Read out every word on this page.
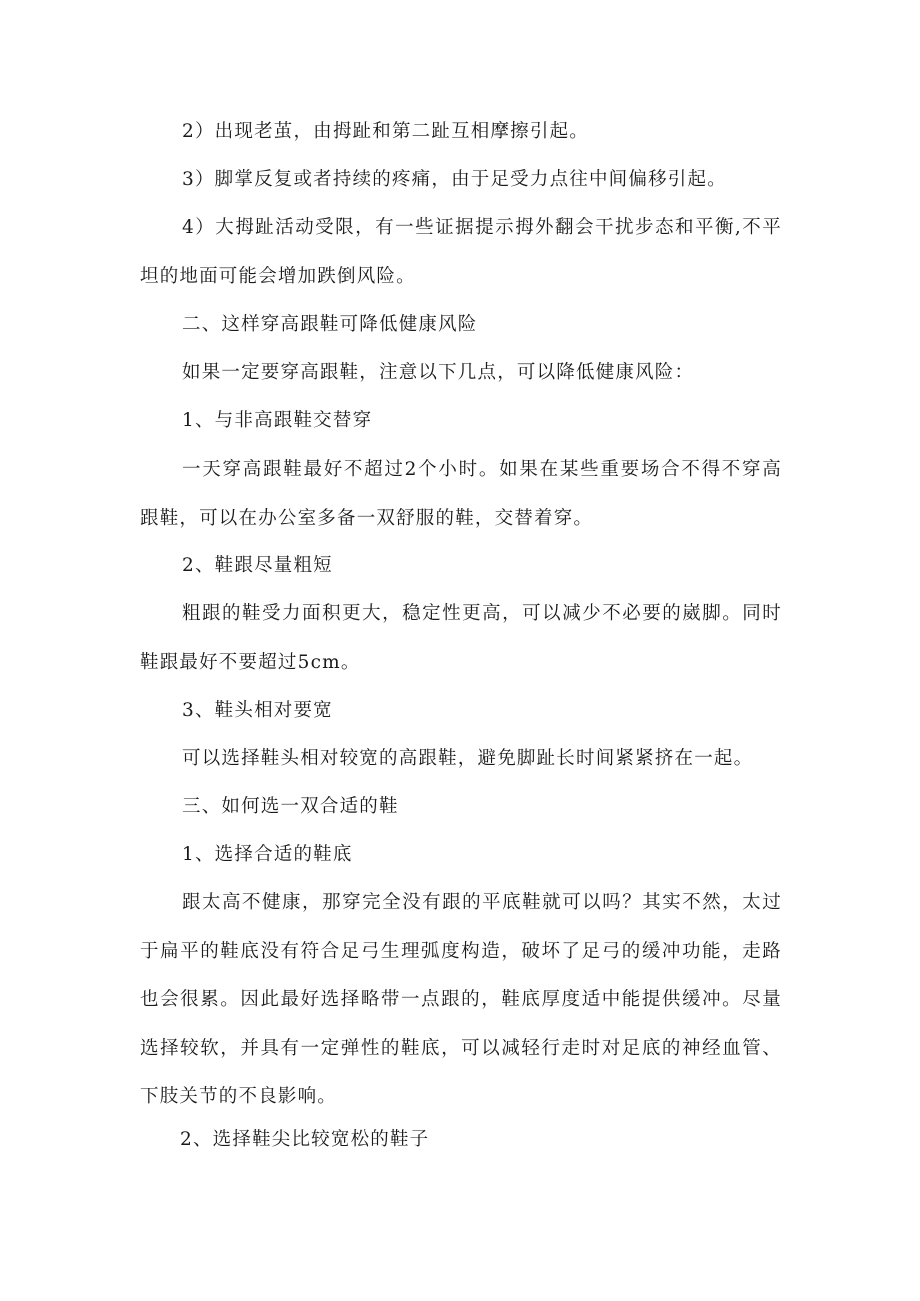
2）出现老茧，由拇趾和第二趾互相摩擦引起。

3）脚掌反复或者持续的疼痛，由于足受力点往中间偏移引起。

4）大拇趾活动受限，有一些证据提示拇外翻会干扰步态和平衡,不平坦的地面可能会增加跌倒风险。

二、这样穿高跟鞋可降低健康风险

如果一定要穿高跟鞋，注意以下几点，可以降低健康风险：

1、与非高跟鞋交替穿

一天穿高跟鞋最好不超过2个小时。如果在某些重要场合不得不穿高跟鞋，可以在办公室多备一双舒服的鞋，交替着穿。

2、鞋跟尽量粗短

粗跟的鞋受力面积更大，稳定性更高，可以减少不必要的崴脚。同时鞋跟最好不要超过5cm。

3、鞋头相对要宽

可以选择鞋头相对较宽的高跟鞋，避免脚趾长时间紧紧挤在一起。

三、如何选一双合适的鞋

1、选择合适的鞋底

跟太高不健康，那穿完全没有跟的平底鞋就可以吗？其实不然，太过于扁平的鞋底没有符合足弓生理弧度构造，破坏了足弓的缓冲功能，走路也会很累。因此最好选择略带一点跟的，鞋底厚度适中能提供缓冲。尽量选择较软，并具有一定弹性的鞋底，可以减轻行走时对足底的神经血管、下肢关节的不良影响。

2、选择鞋尖比较宽松的鞋子
